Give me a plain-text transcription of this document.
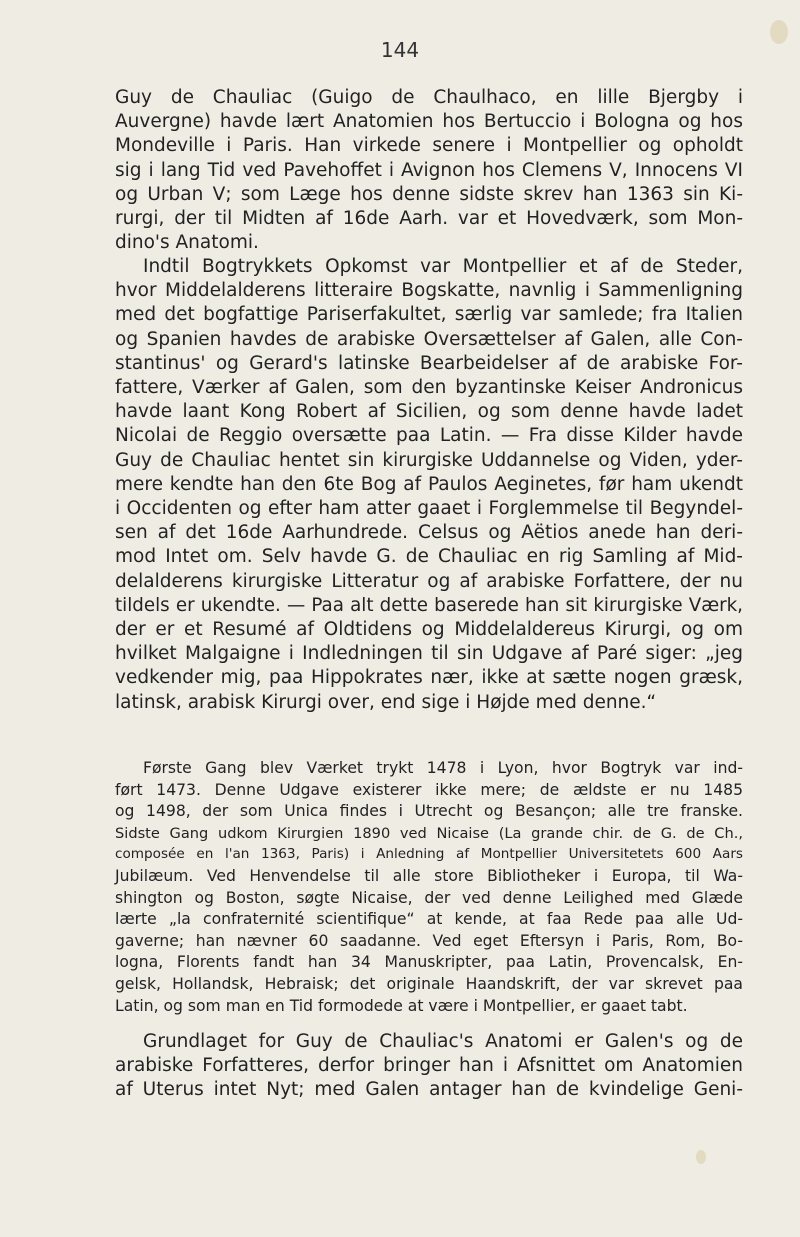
144
Guy de Chauliac (Guigo de Chaulhaco, en lille Bjergby i
Auvergne) havde lært Anatomien hos Bertuccio i Bologna og hos
Mondeville i Paris. Han virkede senere i Montpellier og opholdt
sig i lang Tid ved Pavehoffet i Avignon hos Clemens V, Innocens VI
og Urban V; som Læge hos denne sidste skrev han 1363 sin Ki-
rurgi, der til Midten af 16de Aarh. var et Hovedværk, som Mon-
dino's Anatomi.
Indtil Bogtrykkets Opkomst var Montpellier et af de Steder,
hvor Middelalderens litteraire Bogskatte, navnlig i Sammenligning
med det bogfattige Pariserfakultet, særlig var samlede; fra Italien
og Spanien havdes de arabiske Oversættelser af Galen, alle Con-
stantinus' og Gerard's latinske Bearbeidelser af de arabiske For-
fattere, Værker af Galen, som den byzantinske Keiser Andronicus
havde laant Kong Robert af Sicilien, og som denne havde ladet
Nicolai de Reggio oversætte paa Latin. — Fra disse Kilder havde
Guy de Chauliac hentet sin kirurgiske Uddannelse og Viden, yder-
mere kendte han den 6te Bog af Paulos Aeginetes, før ham ukendt
i Occidenten og efter ham atter gaaet i Forglemmelse til Begyndel-
sen af det 16de Aarhundrede. Celsus og Aëtios anede han deri-
mod Intet om. Selv havde G. de Chauliac en rig Samling af Mid-
delalderens kirurgiske Litteratur og af arabiske Forfattere, der nu
tildels er ukendte. — Paa alt dette baserede han sit kirurgiske Værk,
der er et Resumé af Oldtidens og Middelaldereus Kirurgi, og om
hvilket Malgaigne i Indledningen til sin Udgave af Paré siger: „jeg
vedkender mig, paa Hippokrates nær, ikke at sætte nogen græsk,
latinsk, arabisk Kirurgi over, end sige i Højde med denne.“
Første Gang blev Værket trykt 1478 i Lyon, hvor Bogtryk var ind-
ført 1473. Denne Udgave existerer ikke mere; de ældste er nu 1485
og 1498, der som Unica findes i Utrecht og Besançon; alle tre franske.
Sidste Gang udkom Kirurgien 1890 ved Nicaise (La grande chir. de G. de Ch.,
composée en l'an 1363, Paris) i Anledning af Montpellier Universitetets 600 Aars
Jubilæum. Ved Henvendelse til alle store Bibliotheker i Europa, til Wa-
shington og Boston, søgte Nicaise, der ved denne Leilighed med Glæde
lærte „la confraternité scientifique“ at kende, at faa Rede paa alle Ud-
gaverne; han nævner 60 saadanne. Ved eget Eftersyn i Paris, Rom, Bo-
logna, Florents fandt han 34 Manuskripter, paa Latin, Provencalsk, En-
gelsk, Hollandsk, Hebraisk; det originale Haandskrift, der var skrevet paa
Latin, og som man en Tid formodede at være i Montpellier, er gaaet tabt.
Grundlaget for Guy de Chauliac's Anatomi er Galen's og de
arabiske Forfatteres, derfor bringer han i Afsnittet om Anatomien
af Uterus intet Nyt; med Galen antager han de kvindelige Geni-
